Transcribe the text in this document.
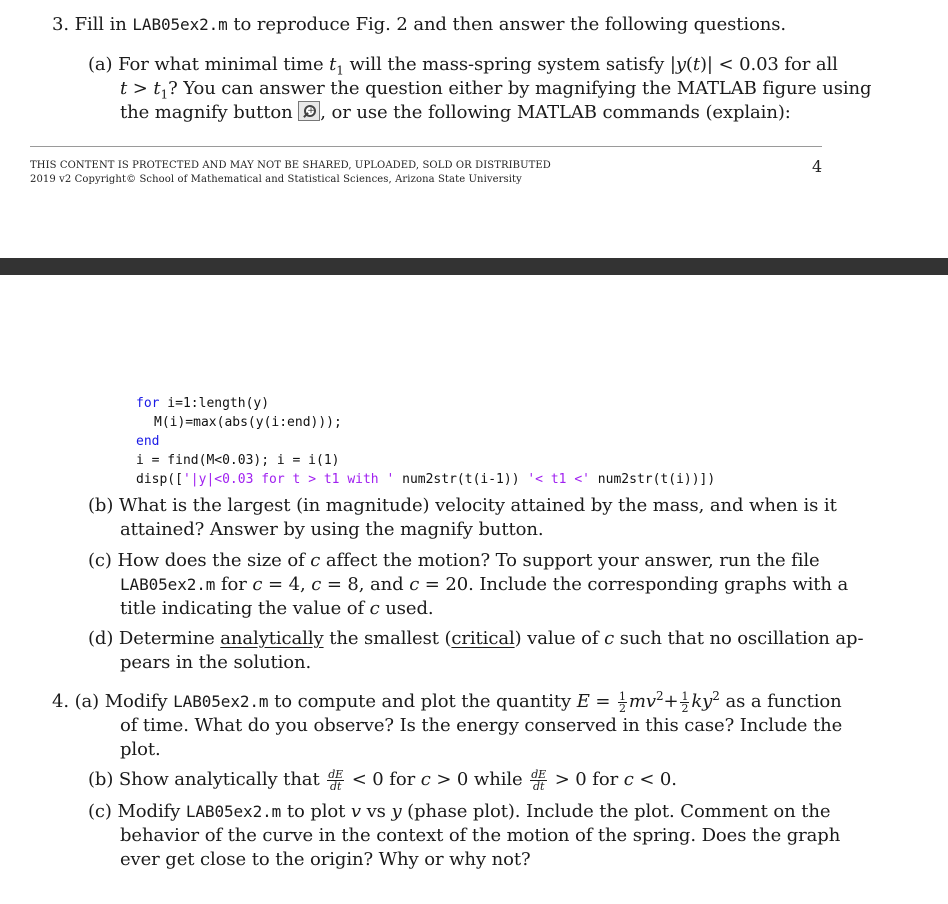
3. Fill in LAB05ex2.m to reproduce Fig. 2 and then answer the following questions.
(a) For what minimal time $t_1$ will the mass-spring system satisfy |y(t)| < 0.03 for all
$t > t_1$? You can answer the question either by magnifying the MATLAB figure using
the magnify button + , or use the following MATLAB commands (explain):
THIS CONTENT IS PROTECTED AND MAY NOT BE SHARED, UPLOADED, SOLD OR DISTRIBUTED
2019 v2 Copyright© School of Mathematical and Statistical Sciences, Arizona State University
4
for i=1:length(y)
M(i)=max(abs(y(i:end)));
end
i = find(M<0.03); i = i(1)
disp(['|y|<0.03 for t > t1 with ' num2str(t(i-1)) '< t1 <' num2str(t(i))])
(b) What is the largest (in magnitude) velocity attained by the mass, and when is it
attained? Answer by using the magnify button.
(c) How does the size of c affect the motion? To support your answer, run the file
LAB05ex2.m for c = 4, c = 8, and c = 20. Include the corresponding graphs with a
title indicating the value of c used.
(d) Determine analytically the smallest (critical) value of c such that no oscillation ap-
pears in the solution.
4. (a) Modify LAB05ex2.m to compute and plot the quantity $E = \frac{1}{2} mv^2+ \frac{1}{2} ky^2$ as a function
of time. What do you observe? Is the energy conserved in this case? Include the
plot.
(b) Show analytically that $\frac{dE}{dt} < 0$ for c > 0 while $\frac{dE}{dt} > 0$ for c < 0.
(c) Modify LAB05ex2.m to plot v vs y (phase plot). Include the plot. Comment on the
behavior of the curve in the context of the motion of the spring. Does the graph
ever get close to the origin? Why or why not?
